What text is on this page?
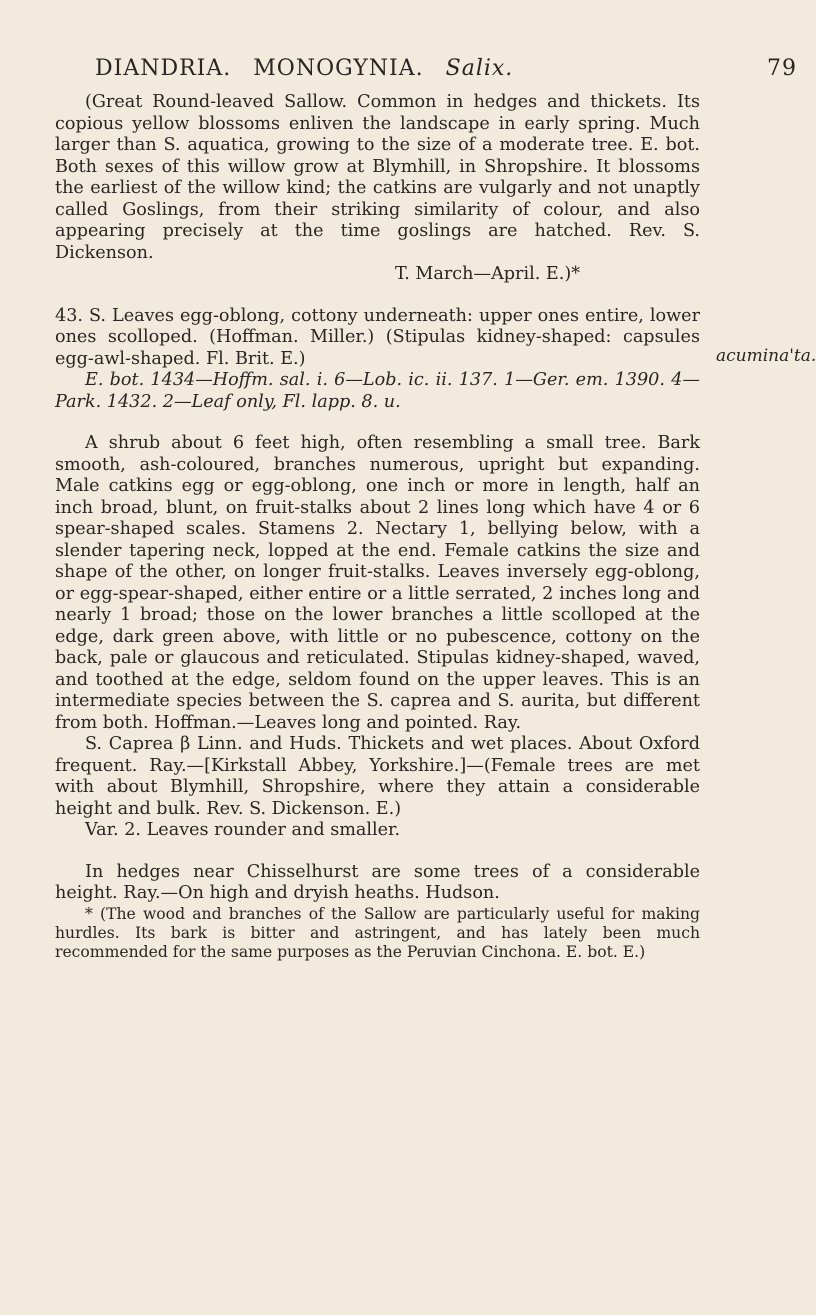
DIANDRIA. MONOGYNIA. Salix.	79

(Great Round-leaved Sallow. Common in hedges and thickets. Its copious yellow blossoms enliven the landscape in early spring. Much larger than S. aquatica, growing to the size of a moderate tree. E. bot. Both sexes of this willow grow at Blymhill, in Shropshire. It blossoms the earliest of the willow kind; the catkins are vulgarly and not unaptly called Goslings, from their striking similarity of colour, and also appearing precisely at the time goslings are hatched. Rev. S. Dickenson.

T. March—April. E.)*

43. S. Leaves egg-oblong, cottony underneath: upper ones entire, lower ones scolloped. (Hoffman. Miller.) (Stipulas kidney-shaped: capsules egg-awl-shaped. Fl. Brit. E.)

E. bot. 1434—Hoffm. sal. i. 6—Lob. ic. ii. 137. 1—Ger. em. 1390. 4—Park. 1432. 2—Leaf only, Fl. lapp. 8. u.

A shrub about 6 feet high, often resembling a small tree. Bark smooth, ash-coloured, branches numerous, upright but expanding. Male catkins egg or egg-oblong, one inch or more in length, half an inch broad, blunt, on fruit-stalks about 2 lines long which have 4 or 6 spear-shaped scales. Stamens 2. Nectary 1, bellying below, with a slender tapering neck, lopped at the end. Female catkins the size and shape of the other, on longer fruit-stalks. Leaves inversely egg-oblong, or egg-spear-shaped, either entire or a little serrated, 2 inches long and nearly 1 broad; those on the lower branches a little scolloped at the edge, dark green above, with little or no pubescence, cottony on the back, pale or glaucous and reticulated. Stipulas kidney-shaped, waved, and toothed at the edge, seldom found on the upper leaves. This is an intermediate species between the S. caprea and S. aurita, but different from both. Hoffman.—Leaves long and pointed. Ray.

S. Caprea β Linn. and Huds. Thickets and wet places. About Oxford frequent. Ray.—[Kirkstall Abbey, Yorkshire.]—(Female trees are met with about Blymhill, Shropshire, where they attain a considerable height and bulk. Rev. S. Dickenson. E.)

Var. 2. Leaves rounder and smaller.

In hedges near Chisselhurst are some trees of a considerable height. Ray.—On high and dryish heaths. Hudson.

* (The wood and branches of the Sallow are particularly useful for making hurdles. Its bark is bitter and astringent, and has lately been much recommended for the same purposes as the Peruvian Cinchona. E. bot. E.)

acumina'ta.
